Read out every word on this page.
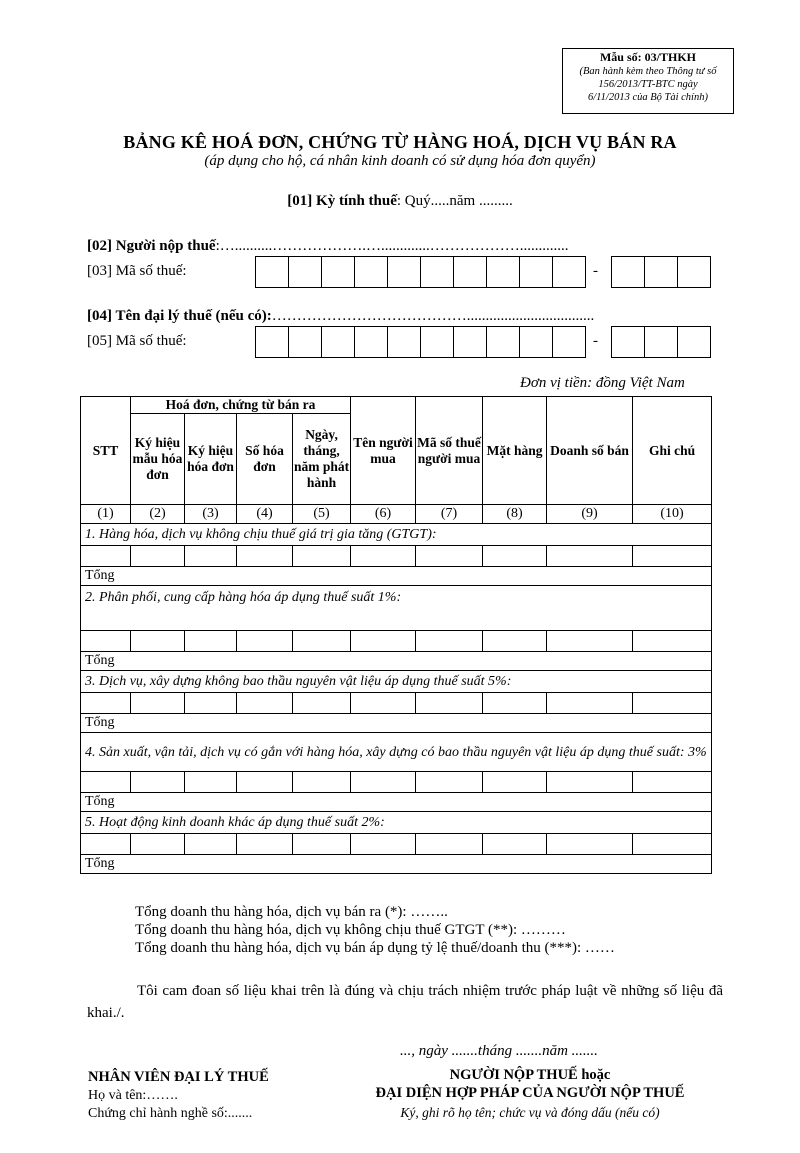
Mẫu số: 03/THKH
(Ban hành kèm theo Thông tư số
156/2013/TT-BTC ngày
6/11/2013 của Bộ Tài chính)
BẢNG KÊ HOÁ ĐƠN, CHỨNG TỪ HÀNG HOÁ, DỊCH VỤ BÁN RA
(áp dụng cho hộ, cá nhân kinh doanh có sử dụng hóa đơn quyển)
[01] Kỳ tính thuế: Quý.....năm .........
[02] Người nộp thuế:…..........……………….….............……………….............
[03] Mã số thuế:	-
[04] Tên đại lý thuế (nếu có):…………………………………..................................
[05] Mã số thuế:	-
Đơn vị tiền: đồng Việt Nam
STT	Hoá đơn, chứng từ bán ra				Tên người mua	Mã số thuế người mua	Mặt hàng	Doanh số bán	Ghi chú
	Ký hiệu mẫu hóa đơn	Ký hiệu hóa đơn	Số hóa đơn	Ngày, tháng, năm phát hành					
(1)	(2)	(3)	(4)	(5)	(6)	(7)	(8)	(9)	(10)
1. Hàng hóa, dịch vụ không chịu thuế giá trị gia tăng (GTGT):									

Tổng									
2. Phân phối, cung cấp hàng hóa áp dụng thuế suất 1%:									

Tổng									
3. Dịch vụ, xây dựng không bao thầu nguyên vật liệu áp dụng thuế suất 5%:									

Tổng									
4. Sản xuất, vận tải, dịch vụ có gắn với hàng hóa, xây dựng có bao thầu nguyên vật liệu áp dụng thuế suất: 3%									

Tổng									
5. Hoạt động kinh doanh khác áp dụng thuế suất 2%:									

Tổng									
Tổng doanh thu hàng hóa, dịch vụ bán ra (*): ……..
Tổng doanh thu hàng hóa, dịch vụ không chịu thuế GTGT (**): ………
Tổng doanh thu hàng hóa, dịch vụ bán áp dụng tỷ lệ thuế/doanh thu (***): ……
Tôi cam đoan số liệu khai trên là đúng và chịu trách nhiệm trước pháp luật về những số liệu đã khai./.
..., ngày .......tháng .......năm .......
NHÂN VIÊN ĐẠI LÝ THUẾ
Họ và tên:…….
Chứng chỉ hành nghề số:.......
NGƯỜI NỘP THUẾ hoặc
ĐẠI DIỆN HỢP PHÁP CỦA NGƯỜI NỘP THUẾ
Ký, ghi rõ họ tên; chức vụ và đóng dấu (nếu có)
